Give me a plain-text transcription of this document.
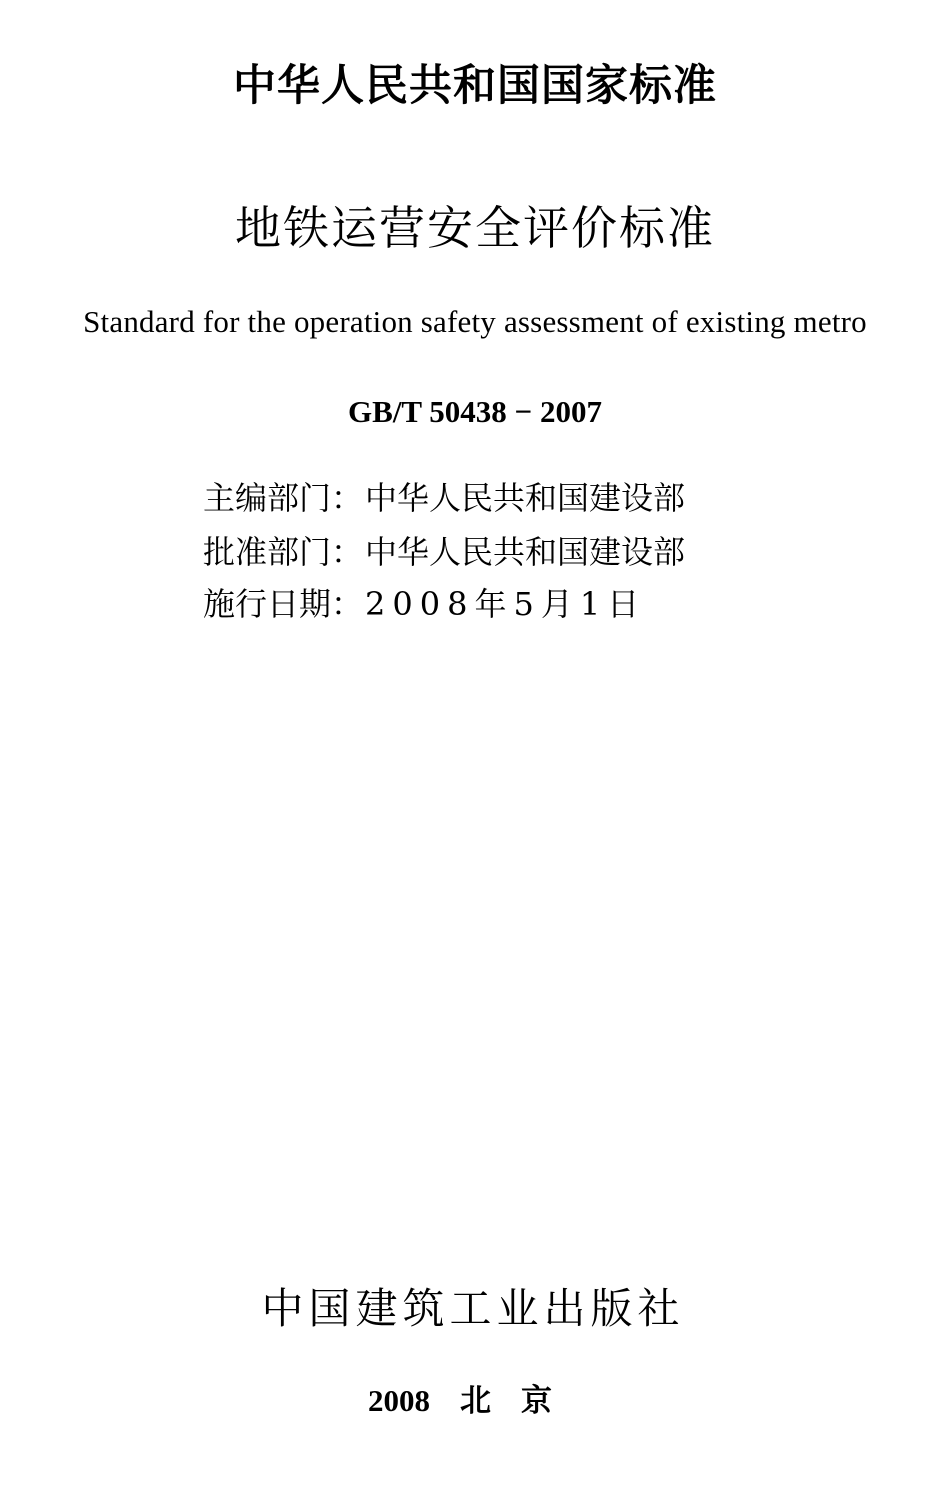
中华人民共和国国家标准
地铁运营安全评价标准
Standard for the operation safety assessment of existing metro
GB/T 50438 − 2007
主编部门：中华人民共和国建设部
批准部门：中华人民共和国建设部
施行日期：2008年5月1日
中国建筑工业出版社
2008 北京
